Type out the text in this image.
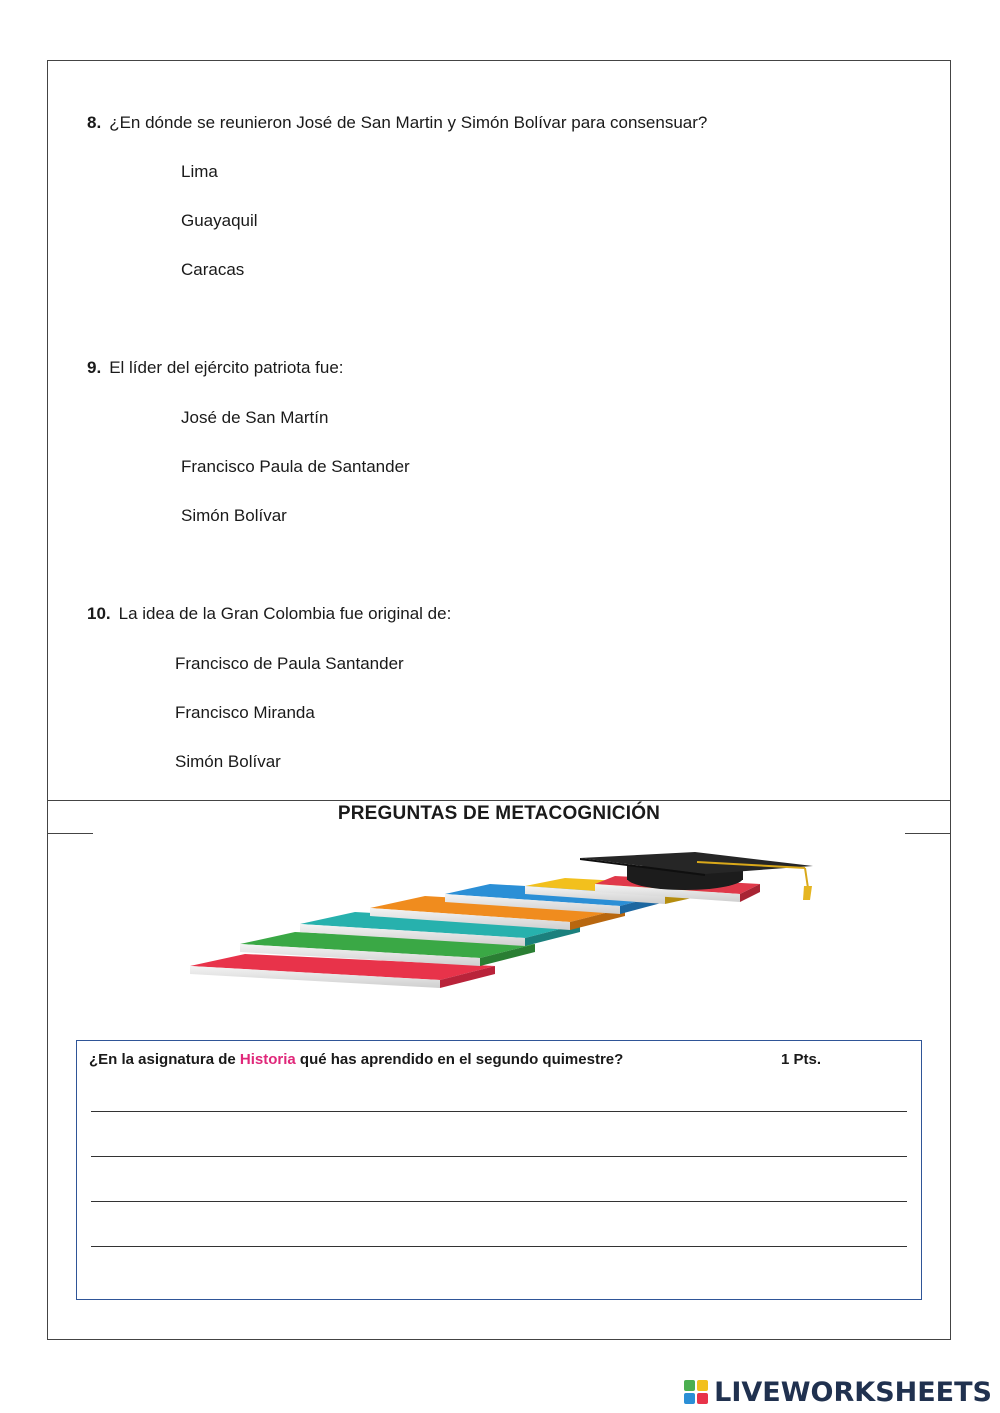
8. ¿En dónde se reunieron José de San Martin y Simón Bolívar para consensuar?
Lima
Guayaquil
Caracas
9. El líder del ejército patriota fue:
José de San Martín
Francisco Paula de Santander
Simón Bolívar
10. La idea de la Gran Colombia fue original de:
Francisco de Paula Santander
Francisco Miranda
Simón Bolívar
PREGUNTAS DE METACOGNICIÓN
¿En la asignatura de Historia qué has aprendido en el segundo quimestre?	1 Pts.
LIVEWORKSHEETS
